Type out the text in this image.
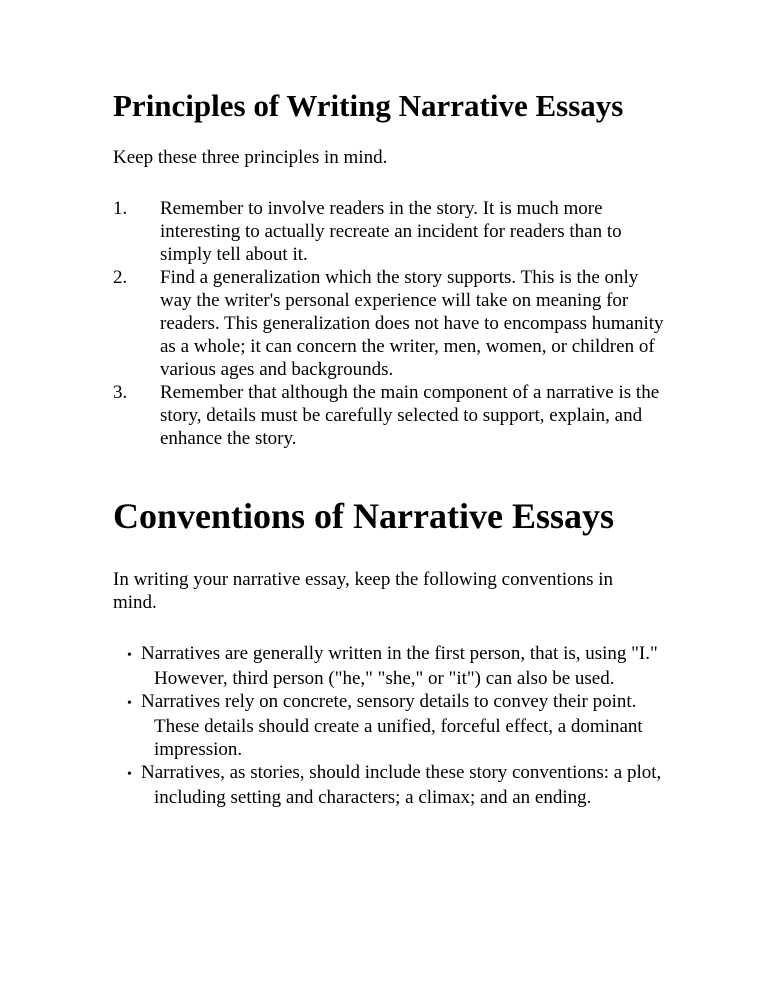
Principles of Writing Narrative Essays

Keep these three principles in mind.

1. Remember to involve readers in the story. It is much more interesting to actually recreate an incident for readers than to simply tell about it.
2. Find a generalization which the story supports. This is the only way the writer's personal experience will take on meaning for readers. This generalization does not have to encompass humanity as a whole; it can concern the writer, men, women, or children of various ages and backgrounds.
3. Remember that although the main component of a narrative is the story, details must be carefully selected to support, explain, and enhance the story.
Conventions of Narrative Essays

In writing your narrative essay, keep the following conventions in mind.

• Narratives are generally written in the first person, that is, using "I." However, third person ("he," "she," or "it") can also be used.
• Narratives rely on concrete, sensory details to convey their point. These details should create a unified, forceful effect, a dominant impression.
• Narratives, as stories, should include these story conventions: a plot, including setting and characters; a climax; and an ending.
